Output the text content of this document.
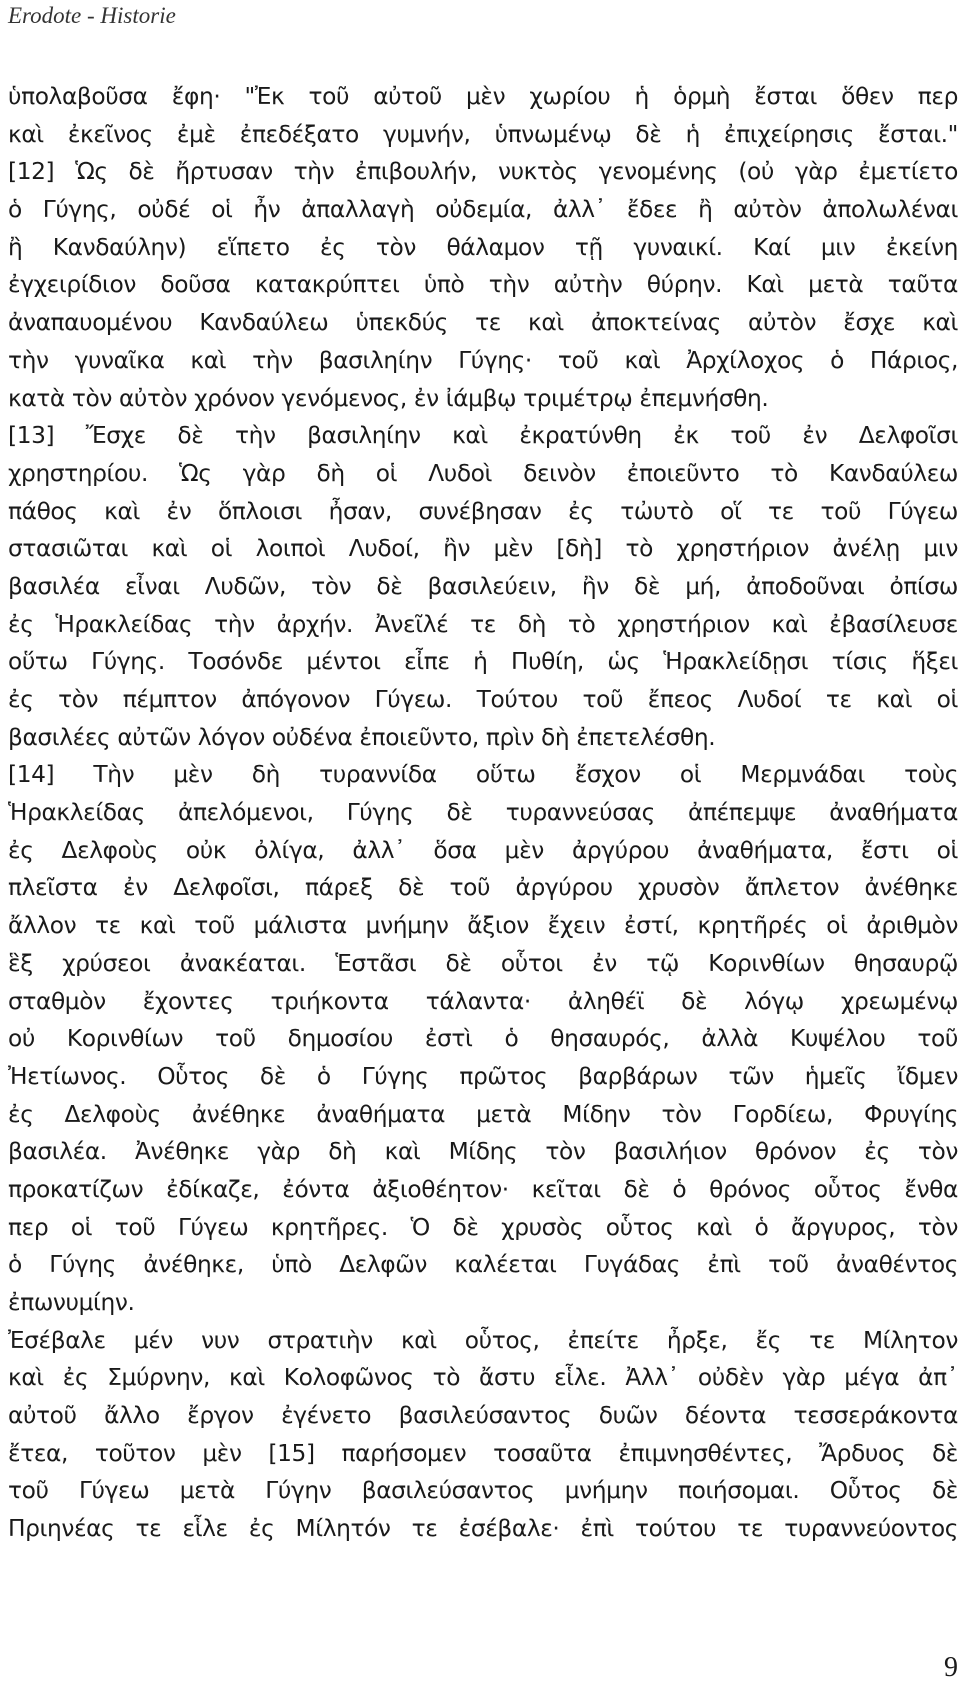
Erodote - Historie
ὑπολαβοῦσα ἔφη· "Ἐκ τοῦ αὐτοῦ μὲν χωρίου ἡ ὁρμὴ ἔσται ὅθεν περ
καὶ ἐκεῖνος ἐμὲ ἐπεδέξατο γυμνήν, ὑπνωμένῳ δὲ ἡ ἐπιχείρησις ἔσται."
[12] Ὡς δὲ ἤρτυσαν τὴν ἐπιβουλήν, νυκτὸς γενομένης (οὐ γὰρ ἐμετίετο
ὁ Γύγης, οὐδέ οἱ ἦν ἀπαλλαγὴ οὐδεμία, ἀλλ᾽ ἔδεε ἢ αὐτὸν ἀπολωλέναι
ἢ Κανδαύλην) εἵπετο ἐς τὸν θάλαμον τῇ γυναικί. Καί μιν ἐκείνη
ἐγχειρίδιον δοῦσα κατακρύπτει ὑπὸ τὴν αὐτὴν θύρην. Καὶ μετὰ ταῦτα
ἀναπαυομένου Κανδαύλεω ὑπεκδύς τε καὶ ἀποκτείνας αὐτὸν ἔσχε καὶ
τὴν γυναῖκα καὶ τὴν βασιληίην Γύγης· τοῦ καὶ Ἀρχίλοχος ὁ Πάριος,
κατὰ τὸν αὐτὸν χρόνον γενόμενος, ἐν ἰάμβῳ τριμέτρῳ ἐπεμνήσθη.
[13] Ἔσχε δὲ τὴν βασιληίην καὶ ἐκρατύνθη ἐκ τοῦ ἐν Δελφοῖσι
χρηστηρίου. Ὡς γὰρ δὴ οἱ Λυδοὶ δεινὸν ἐποιεῦντο τὸ Κανδαύλεω
πάθος καὶ ἐν ὅπλοισι ἦσαν, συνέβησαν ἐς τὠυτὸ οἵ τε τοῦ Γύγεω
στασιῶται καὶ οἱ λοιποὶ Λυδοί, ἢν μὲν [δὴ] τὸ χρηστήριον ἀνέλῃ μιν
βασιλέα εἶναι Λυδῶν, τὸν δὲ βασιλεύειν, ἢν δὲ μή, ἀποδοῦναι ὀπίσω
ἐς Ἡρακλείδας τὴν ἀρχήν. Ἀνεῖλέ τε δὴ τὸ χρηστήριον καὶ ἐβασίλευσε
οὕτω Γύγης. Τοσόνδε μέντοι εἶπε ἡ Πυθίη, ὡς Ἡρακλείδῃσι τίσις ἥξει
ἐς τὸν πέμπτον ἀπόγονον Γύγεω. Τούτου τοῦ ἔπεος Λυδοί τε καὶ οἱ
βασιλέες αὐτῶν λόγον οὐδένα ἐποιεῦντο, πρὶν δὴ ἐπετελέσθη.
[14] Τὴν μὲν δὴ τυραννίδα οὕτω ἔσχον οἱ Μερμνάδαι τοὺς
Ἡρακλείδας ἀπελόμενοι, Γύγης δὲ τυραννεύσας ἀπέπεμψε ἀναθήματα
ἐς Δελφοὺς οὐκ ὀλίγα, ἀλλ᾽ ὅσα μὲν ἀργύρου ἀναθήματα, ἔστι οἱ
πλεῖστα ἐν Δελφοῖσι, πάρεξ δὲ τοῦ ἀργύρου χρυσὸν ἄπλετον ἀνέθηκε
ἄλλον τε καὶ τοῦ μάλιστα μνήμην ἄξιον ἔχειν ἐστί, κρητῆρές οἱ ἀριθμὸν
ἓξ χρύσεοι ἀνακέαται. Ἑστᾶσι δὲ οὗτοι ἐν τῷ Κορινθίων θησαυρῷ
σταθμὸν ἔχοντες τριήκοντα τάλαντα· ἀληθέϊ δὲ λόγῳ χρεωμένῳ
οὐ Κορινθίων τοῦ δημοσίου ἐστὶ ὁ θησαυρός, ἀλλὰ Κυψέλου τοῦ
Ἠετίωνος. Οὗτος δὲ ὁ Γύγης πρῶτος βαρβάρων τῶν ἡμεῖς ἴδμεν
ἐς Δελφοὺς ἀνέθηκε ἀναθήματα μετὰ Μίδην τὸν Γορδίεω, Φρυγίης
βασιλέα. Ἀνέθηκε γὰρ δὴ καὶ Μίδης τὸν βασιλήιον θρόνον ἐς τὸν
προκατίζων ἐδίκαζε, ἐόντα ἀξιοθέητον· κεῖται δὲ ὁ θρόνος οὗτος ἔνθα
περ οἱ τοῦ Γύγεω κρητῆρες. Ὁ δὲ χρυσὸς οὗτος καὶ ὁ ἄργυρος, τὸν
ὁ Γύγης ἀνέθηκε, ὑπὸ Δελφῶν καλέεται Γυγάδας ἐπὶ τοῦ ἀναθέντος
ἐπωνυμίην.
Ἐσέβαλε μέν νυν στρατιὴν καὶ οὗτος, ἐπείτε ἦρξε, ἔς τε Μίλητον
καὶ ἐς Σμύρνην, καὶ Κολοφῶνος τὸ ἄστυ εἷλε. Ἀλλ᾽ οὐδὲν γὰρ μέγα ἀπ᾽
αὐτοῦ ἄλλο ἔργον ἐγένετο βασιλεύσαντος δυῶν δέοντα τεσσεράκοντα
ἔτεα, τοῦτον μὲν [15] παρήσομεν τοσαῦτα ἐπιμνησθέντες, Ἄρδυος δὲ
τοῦ Γύγεω μετὰ Γύγην βασιλεύσαντος μνήμην ποιήσομαι. Οὗτος δὲ
Πριηνέας τε εἷλε ἐς Μίλητόν τε ἐσέβαλε· ἐπὶ τούτου τε τυραννεύοντος
9
